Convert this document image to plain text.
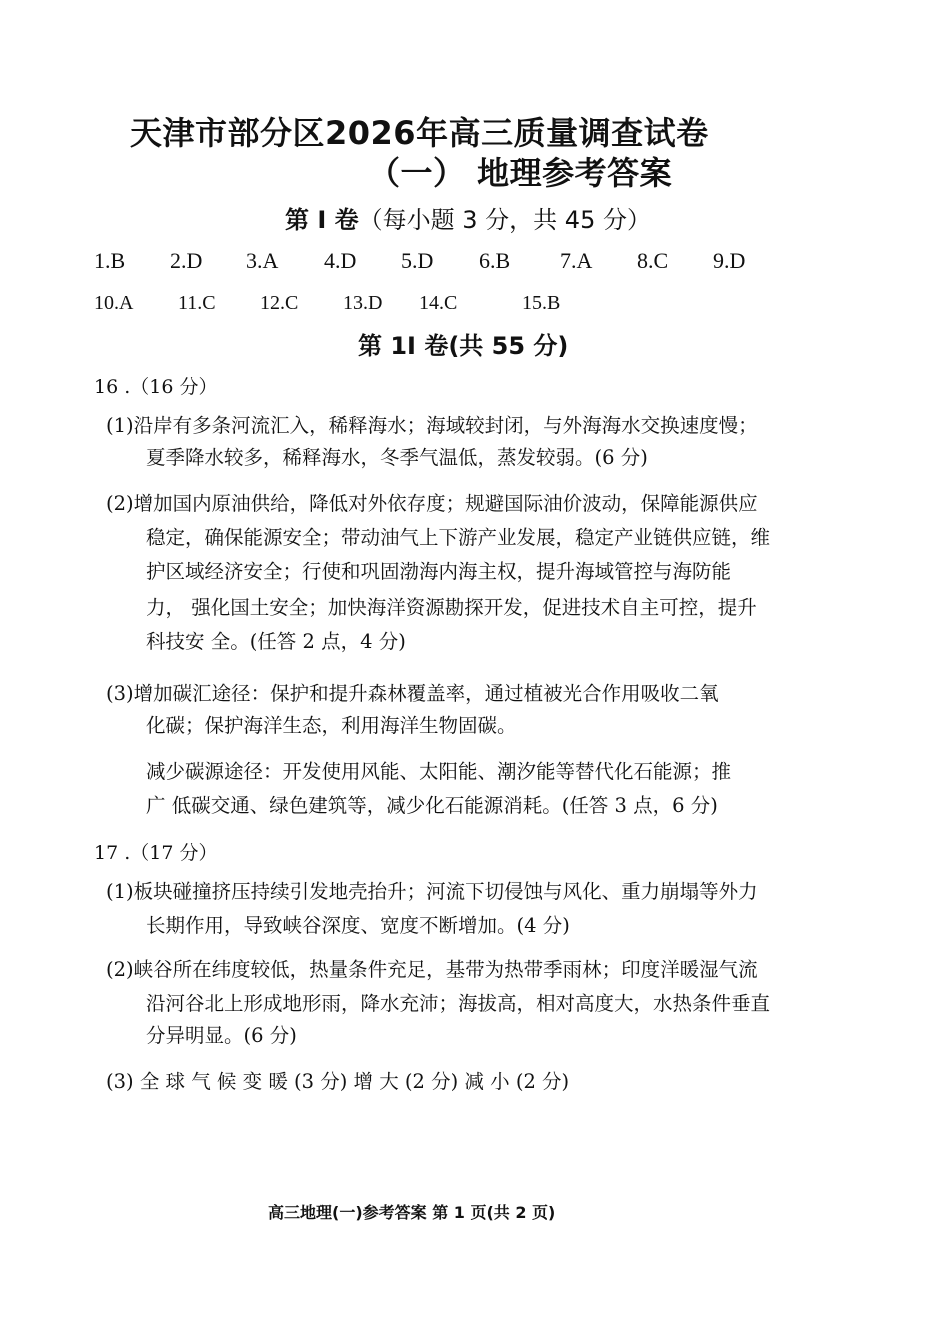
天津市部分区2026年高三质量调查试卷
（一） 地理参考答案
第 I 卷（每小题 3 分，共 45 分）
1.B 2.D 3.A 4.D 5.D 6.B 7.A 8.C 9.D
10.A 11.C 12.C 13.D 14.C	15.B
第 1I 卷(共 55 分)
16 .（16 分）
(1)沿岸有多条河流汇入，稀释海水；海域较封闭，与外海海水交换速度慢；
夏季降水较多，稀释海水，冬季气温低，蒸发较弱。(6 分)
(2)增加国内原油供给，降低对外依存度；规避国际油价波动，保障能源供应
稳定，确保能源安全；带动油气上下游产业发展，稳定产业链供应链，维
护区域经济安全；行使和巩固渤海内海主权，提升海域管控与海防能
力， 强化国土安全；加快海洋资源勘探开发，促进技术自主可控，提升
科技安 全。(任答 2 点，4 分)
(3)增加碳汇途径：保护和提升森林覆盖率，通过植被光合作用吸收二氧
化碳；保护海洋生态，利用海洋生物固碳。
减少碳源途径：开发使用风能、太阳能、潮汐能等替代化石能源；推
广 低碳交通、绿色建筑等，减少化石能源消耗。(任答 3 点，6 分)
17 .（17 分）
(1)板块碰撞挤压持续引发地壳抬升；河流下切侵蚀与风化、重力崩塌等外力
长期作用，导致峡谷深度、宽度不断增加。(4 分)
(2)峡谷所在纬度较低，热量条件充足，基带为热带季雨林；印度洋暖湿气流
沿河谷北上形成地形雨，降水充沛；海拔高，相对高度大，水热条件垂直
分异明显。(6 分)
(3) 全 球 气 候 变 暖 (3 分) 增 大 (2 分) 减 小 (2 分)
高三地理(一)参考答案 第 1 页(共 2 页)
